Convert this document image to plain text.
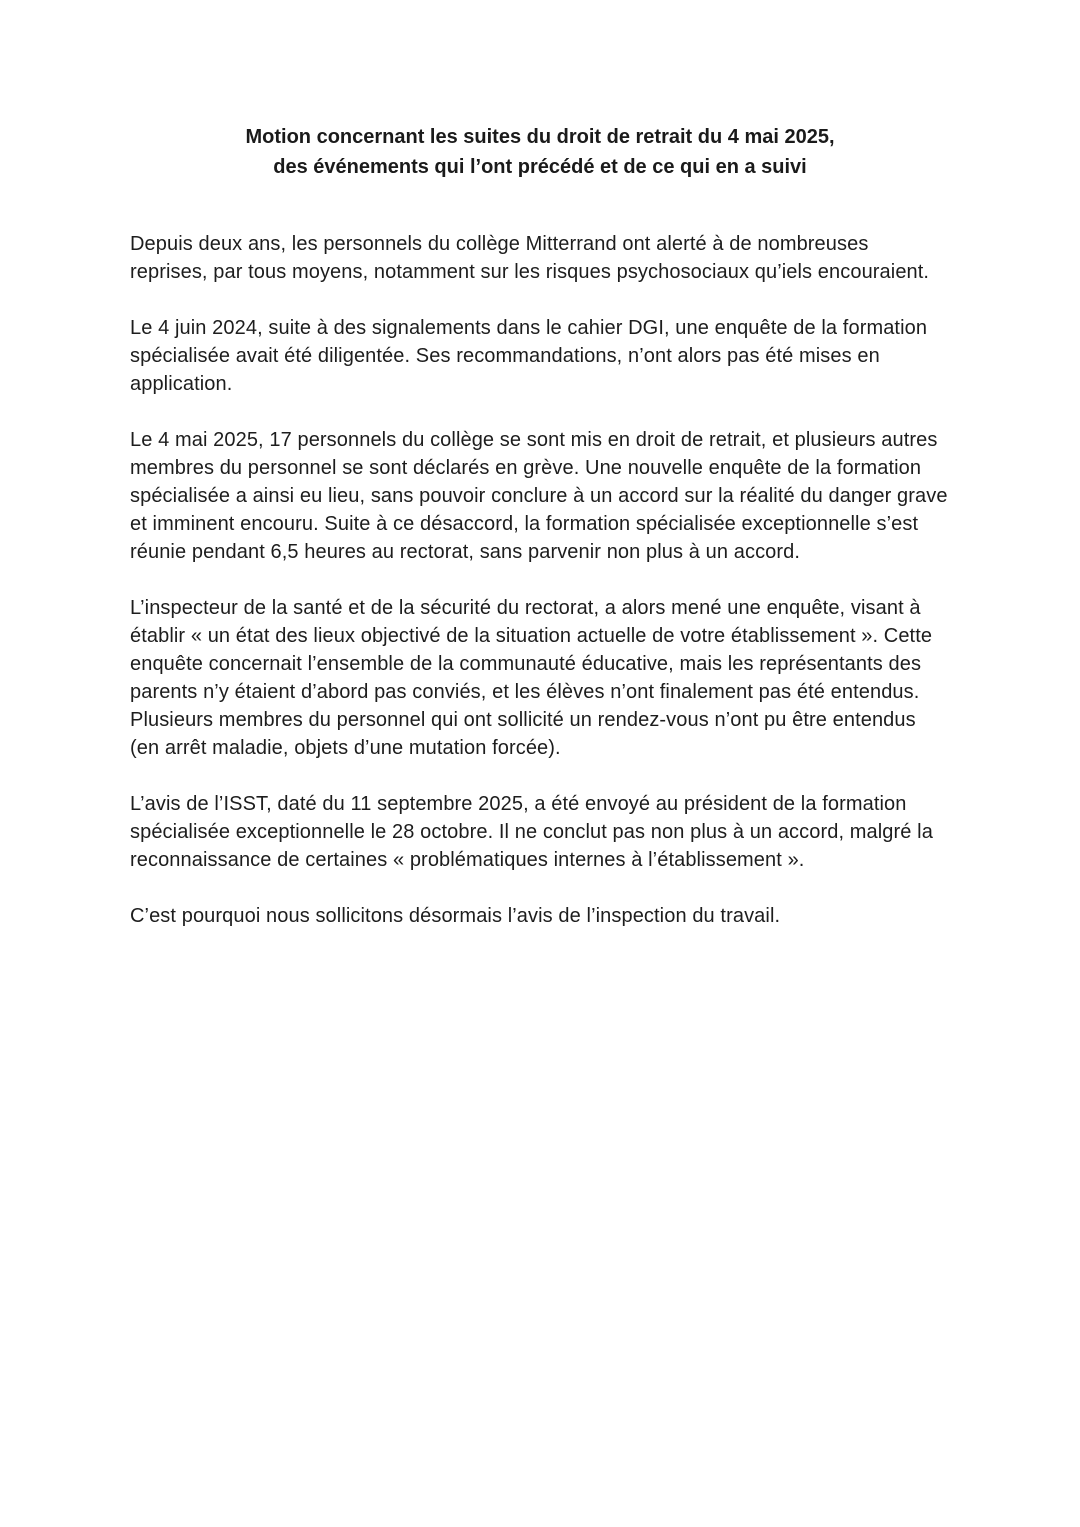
Motion concernant les suites du droit de retrait du 4 mai 2025,
des événements qui l’ont précédé et de ce qui en a suivi

Depuis deux ans, les personnels du collège Mitterrand ont alerté à de nombreuses reprises, par tous moyens, notamment sur les risques psychosociaux qu’iels encouraient.

Le 4 juin 2024, suite à des signalements dans le cahier DGI, une enquête de la formation spécialisée avait été diligentée. Ses recommandations, n’ont alors pas été mises en application.

Le 4 mai 2025, 17 personnels du collège se sont mis en droit de retrait, et plusieurs autres membres du personnel se sont déclarés en grève. Une nouvelle enquête de la formation spécialisée a ainsi eu lieu, sans pouvoir conclure à un accord sur la réalité du danger grave et imminent encouru. Suite à ce désaccord, la formation spécialisée exceptionnelle s’est réunie pendant 6,5 heures au rectorat, sans parvenir non plus à un accord.

L’inspecteur de la santé et de la sécurité du rectorat, a alors mené une enquête, visant à établir « un état des lieux objectivé de la situation actuelle de votre établissement ». Cette enquête concernait l’ensemble de la communauté éducative, mais les représentants des parents n’y étaient d’abord pas conviés, et les élèves n’ont finalement pas été entendus. Plusieurs membres du personnel qui ont sollicité un rendez-vous n’ont pu être entendus (en arrêt maladie, objets d’une mutation forcée).

L’avis de l’ISST, daté du 11 septembre 2025, a été envoyé au président de la formation spécialisée exceptionnelle le 28 octobre. Il ne conclut pas non plus à un accord, malgré la reconnaissance de certaines « problématiques internes à l’établissement ».

C’est pourquoi nous sollicitons désormais l’avis de l’inspection du travail.
